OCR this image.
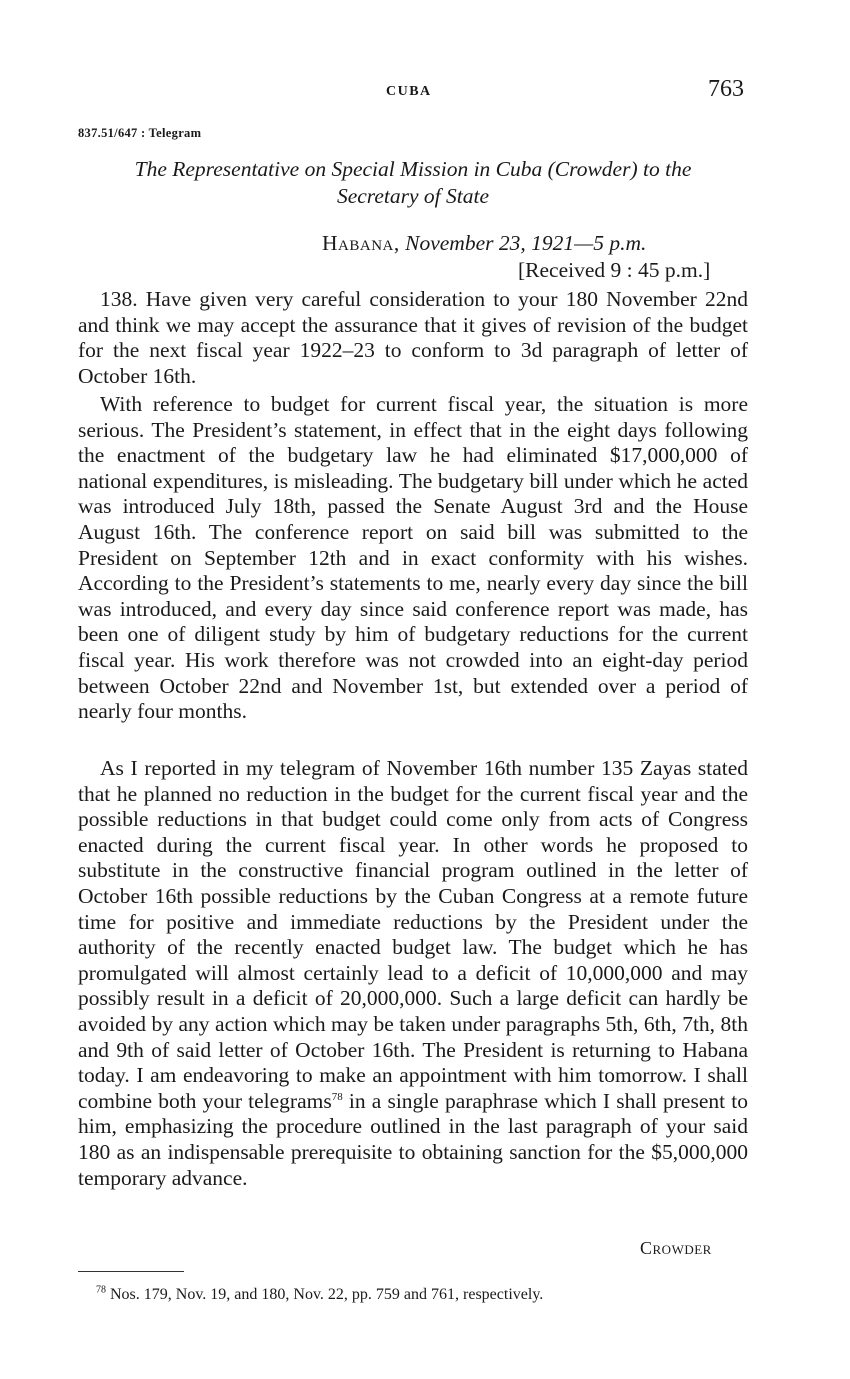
CUBA	763
837.51/647 : Telegram
The Representative on Special Mission in Cuba (Crowder) to the
Secretary of State
Habana, November 23, 1921—5 p.m.
[Received 9 : 45 p.m.]

138. Have given very careful consideration to your 180 November 22nd and think we may accept the assurance that it gives of revision of the budget for the next fiscal year 1922–23 to conform to 3d paragraph of letter of October 16th.

With reference to budget for current fiscal year, the situation is more serious. The President’s statement, in effect that in the eight days following the enactment of the budgetary law he had eliminated $17,000,000 of national expenditures, is misleading. The budgetary bill under which he acted was introduced July 18th, passed the Senate August 3rd and the House August 16th. The conference report on said bill was submitted to the President on September 12th and in exact conformity with his wishes. According to the President’s statements to me, nearly every day since the bill was introduced, and every day since said conference report was made, has been one of diligent study by him of budgetary reductions for the current fiscal year. His work therefore was not crowded into an eight-day period between October 22nd and November 1st, but extended over a period of nearly four months.

As I reported in my telegram of November 16th number 135 Zayas stated that he planned no reduction in the budget for the current fiscal year and the possible reductions in that budget could come only from acts of Congress enacted during the current fiscal year. In other words he proposed to substitute in the constructive financial program outlined in the letter of October 16th possible reductions by the Cuban Congress at a remote future time for positive and immediate reductions by the President under the authority of the recently enacted budget law. The budget which he has promulgated will almost certainly lead to a deficit of 10,000,000 and may possibly result in a deficit of 20,000,000. Such a large deficit can hardly be avoided by any action which may be taken under paragraphs 5th, 6th, 7th, 8th and 9th of said letter of October 16th. The President is returning to Habana today. I am endeavoring to make an appointment with him tomorrow. I shall combine both your telegrams$^{78}$ in a single paraphrase which I shall present to him, emphasizing the procedure outlined in the last paragraph of your said 180 as an indispensable prerequisite to obtaining sanction for the $5,000,000 temporary advance.

Crowder
$^{78}$ Nos. 179, Nov. 19, and 180, Nov. 22, pp. 759 and 761, respectively.
